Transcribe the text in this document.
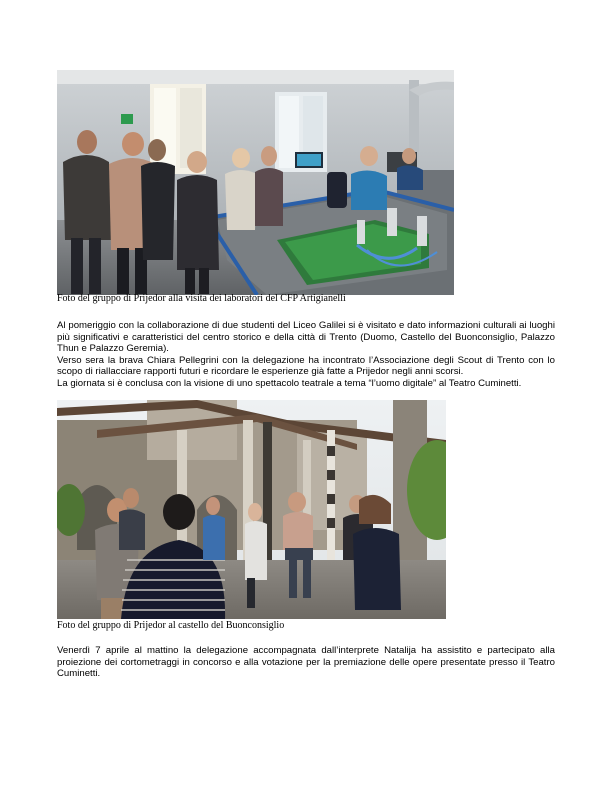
Foto del gruppo di Prijedor alla visita dei laboratori del CFP Artigianelli
Al pomeriggio con la collaborazione di due studenti del Liceo Galilei si è visitato e dato informazioni culturali ai luoghi più significativi e caratteristici del centro storico e della città di Trento (Duomo, Castello del Buonconsiglio, Palazzo Thun e Palazzo Geremia).
Verso sera la brava Chiara Pellegrini con la delegazione ha incontrato l’Associazione degli Scout di Trento con lo scopo di riallacciare rapporti futuri e ricordare le esperienze già fatte a Prijedor negli anni scorsi.
La giornata si è conclusa con la visione di uno spettacolo teatrale a tema “l’uomo digitale” al Teatro Cuminetti.
Foto del gruppo di Prijedor al castello del Buonconsiglio
Venerdì 7 aprile al mattino la delegazione accompagnata dall’interprete Natalija ha assistito e partecipato alla proiezione dei cortometraggi in concorso e alla votazione per la premiazione delle opere presentate presso il Teatro Cuminetti.
